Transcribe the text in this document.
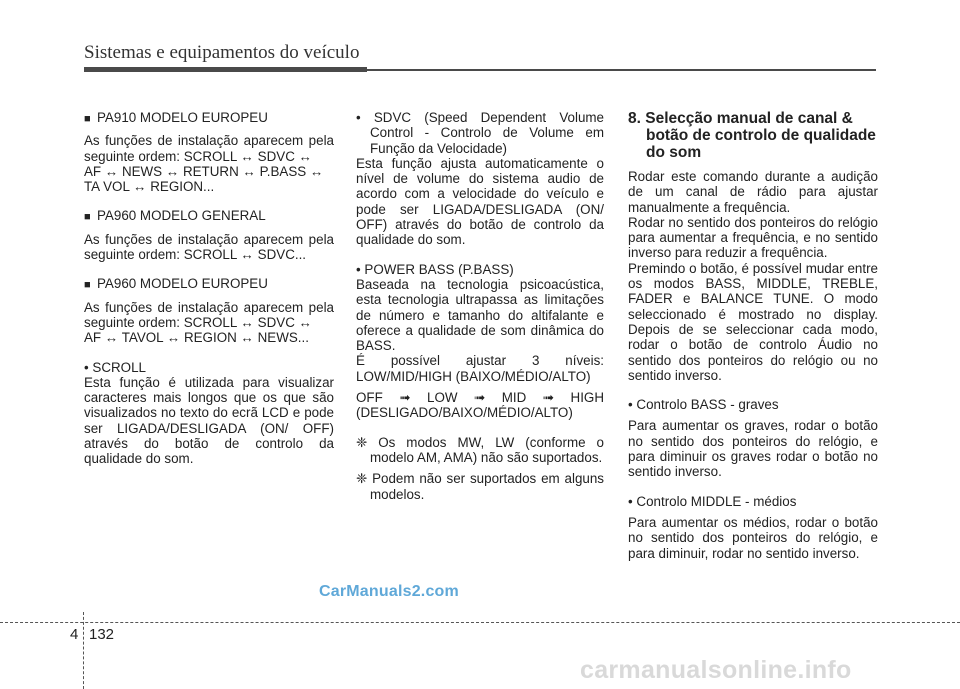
Sistemas e equipamentos do veículo
■ PA910 MODELO EUROPEU

As funções de instalação aparecem pela seguinte ordem: SCROLL ↔ SDVC ↔
AF ↔ NEWS ↔ RETURN ↔ P.BASS ↔
TA VOL ↔ REGION...

■ PA960 MODELO GENERAL

As funções de instalação aparecem pela seguinte ordem: SCROLL ↔ SDVC...

■ PA960 MODELO EUROPEU

As funções de instalação aparecem pela seguinte ordem: SCROLL ↔ SDVC ↔
AF ↔ TAVOL ↔ REGION ↔ NEWS...

• SCROLL

Esta função é utilizada para visualizar caracteres mais longos que os que são visualizados no texto do ecrã LCD e pode ser LIGADA/DESLIGADA (ON/ OFF) através do botão de controlo da qualidade do som.

• SDVC (Speed Dependent Volume Control - Controlo de Volume em Função da Velocidade)

Esta função ajusta automaticamente o nível de volume do sistema audio de acordo com a velocidade do veículo e pode ser LIGADA/DESLIGADA (ON/ OFF) através do botão de controlo da qualidade do som.

• POWER BASS (P.BASS)

Baseada na tecnologia psicoacústica, esta tecnologia ultrapassa as limitações de número e tamanho do altifalante e oferece a qualidade de som dinâmica do BASS.

É possível ajustar 3 níveis: LOW/MID/HIGH (BAIXO/MÉDIO/ALTO)

OFF ➟ LOW ➟ MID ➟ HIGH (DESLIGADO/BAIXO/MÉDIO/ALTO)

❈ Os modos MW, LW (conforme o modelo AM, AMA) não são suportados.

❈ Podem não ser suportados em alguns modelos.

8. Selecção manual de canal & botão de controlo de qualidade do som

Rodar este comando durante a audição de um canal de rádio para ajustar manualmente a frequência.

Rodar no sentido dos ponteiros do relógio para aumentar a frequência, e no sentido inverso para reduzir a frequência.

Premindo o botão, é possível mudar entre os modos BASS, MIDDLE, TREBLE, FADER e BALANCE TUNE. O modo seleccionado é mostrado no display. Depois de se seleccionar cada modo, rodar o botão de controlo Áudio no sentido dos ponteiros do relógio ou no sentido inverso.

• Controlo BASS - graves

Para aumentar os graves, rodar o botão no sentido dos ponteiros do relógio, e para diminuir os graves rodar o botão no sentido inverso.

• Controlo MIDDLE - médios

Para aumentar os médios, rodar o botão no sentido dos ponteiros do relógio, e para diminuir, rodar no sentido inverso.

CarManuals2.com
4 132
carmanualsonline.info
